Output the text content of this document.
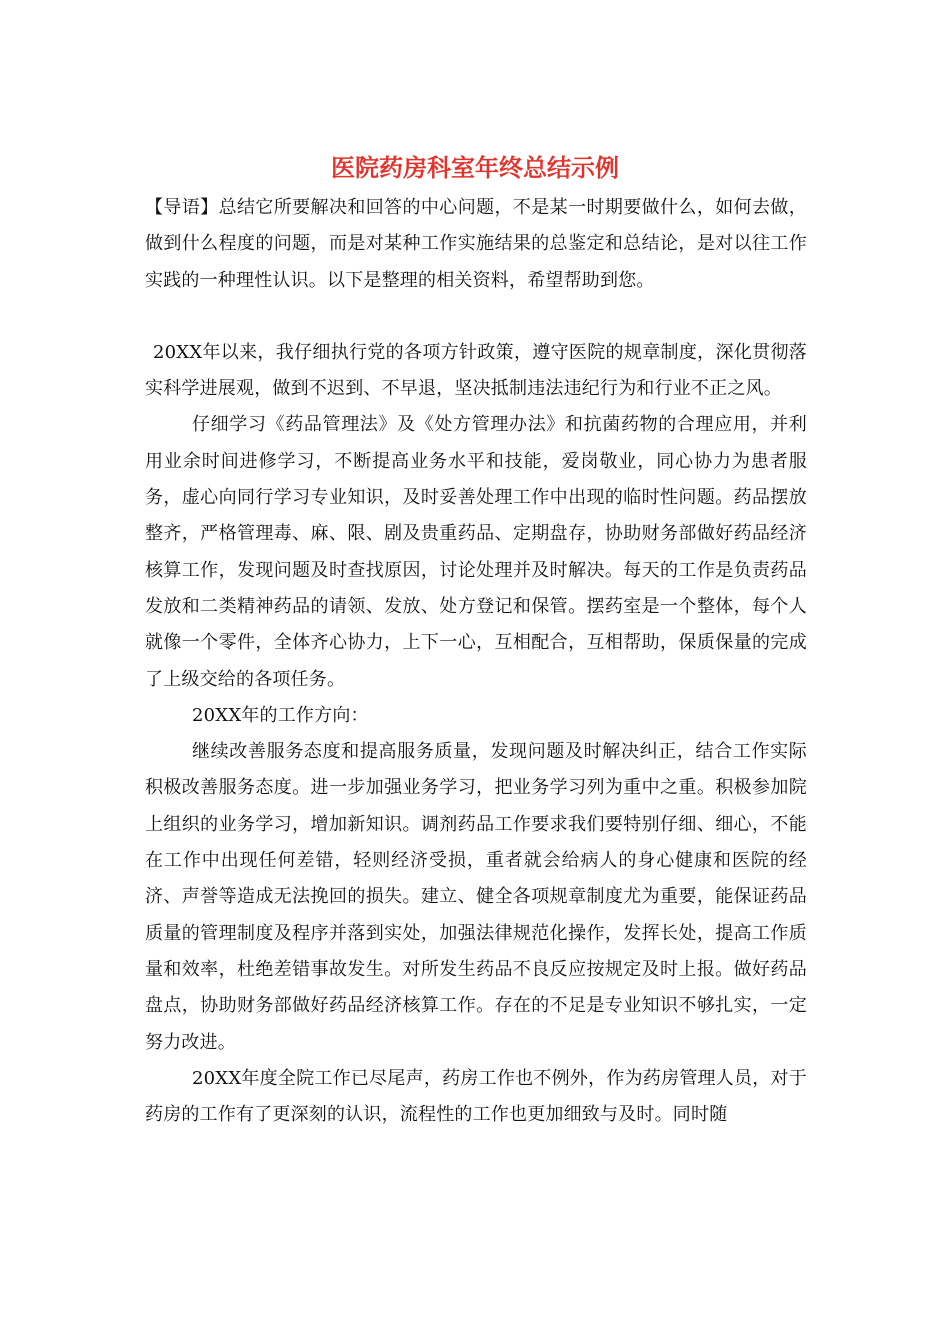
医院药房科室年终总结示例

【导语】总结它所要解决和回答的中心问题，不是某一时期要做什么，如何去做，做到什么程度的问题，而是对某种工作实施结果的总鉴定和总结论，是对以往工作实践的一种理性认识。以下是整理的相关资料，希望帮助到您。

20XX年以来，我仔细执行党的各项方针政策，遵守医院的规章制度，深化贯彻落实科学进展观，做到不迟到、不早退，坚决抵制违法违纪行为和行业不正之风。

仔细学习《药品管理法》及《处方管理办法》和抗菌药物的合理应用，并利用业余时间进修学习，不断提高业务水平和技能，爱岗敬业，同心协力为患者服务，虚心向同行学习专业知识，及时妥善处理工作中出现的临时性问题。药品摆放整齐，严格管理毒、麻、限、剧及贵重药品、定期盘存，协助财务部做好药品经济核算工作，发现问题及时查找原因，讨论处理并及时解决。每天的工作是负责药品发放和二类精神药品的请领、发放、处方登记和保管。摆药室是一个整体，每个人就像一个零件，全体齐心协力，上下一心，互相配合，互相帮助，保质保量的完成了上级交给的各项任务。

20XX年的工作方向：

继续改善服务态度和提高服务质量，发现问题及时解决纠正，结合工作实际积极改善服务态度。进一步加强业务学习，把业务学习列为重中之重。积极参加院上组织的业务学习，增加新知识。调剂药品工作要求我们要特别仔细、细心，不能在工作中出现任何差错，轻则经济受损，重者就会给病人的身心健康和医院的经济、声誉等造成无法挽回的损失。建立、健全各项规章制度尤为重要，能保证药品质量的管理制度及程序并落到实处，加强法律规范化操作，发挥长处，提高工作质量和效率，杜绝差错事故发生。对所发生药品不良反应按规定及时上报。做好药品盘点，协助财务部做好药品经济核算工作。存在的不足是专业知识不够扎实，一定努力改进。

20XX年度全院工作已尽尾声，药房工作也不例外，作为药房管理人员，对于药房的工作有了更深刻的认识，流程性的工作也更加细致与及时。同时随
